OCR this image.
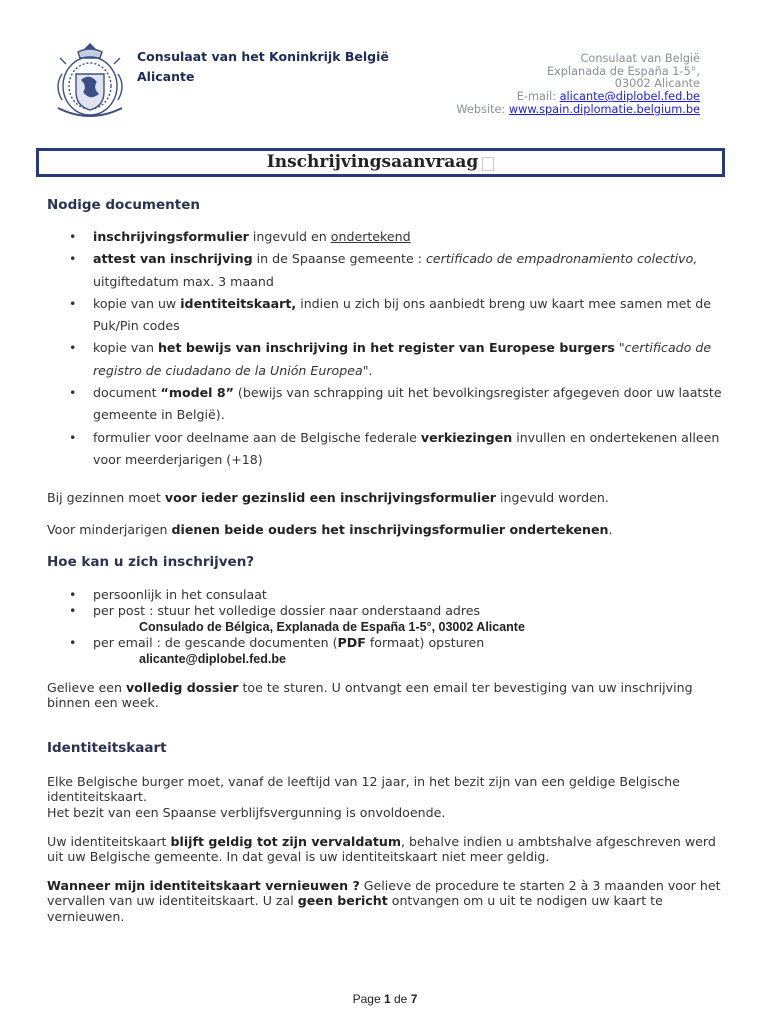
Consulaat van het Koninkrijk België
Alicante
Consulaat van België
Explanada de España 1-5°,
03002 Alicante
E-mail: alicante@diplobel.fed.be
Website: www.spain.diplomatie.belgium.be
Inschrijvingsaanvraag
Nodige documenten
• inschrijvingsformulier ingevuld en ondertekend
• attest van inschrijving in de Spaanse gemeente : certificado de empadronamiento colectivo, uitgiftedatum max. 3 maand
• kopie van uw identiteitskaart, indien u zich bij ons aanbiedt breng uw kaart mee samen met de Puk/Pin codes
• kopie van het bewijs van inschrijving in het register van Europese burgers "certificado de registro de ciudadano de la Unión Europea".
• document “model 8” (bewijs van schrapping uit het bevolkingsregister afgegeven door uw laatste gemeente in België).
• formulier voor deelname aan de Belgische federale verkiezingen invullen en ondertekenen alleen voor meerderjarigen (+18)
Bij gezinnen moet voor ieder gezinslid een inschrijvingsformulier ingevuld worden.
Voor minderjarigen dienen beide ouders het inschrijvingsformulier ondertekenen.
Hoe kan u zich inschrijven?
• persoonlijk in het consulaat
• per post : stuur het volledige dossier naar onderstaand adres
Consulado de Bélgica, Explanada de España 1-5°, 03002 Alicante
• per email : de gescande documenten (PDF formaat) opsturen
alicante@diplobel.fed.be
Gelieve een volledig dossier toe te sturen. U ontvangt een email ter bevestiging van uw inschrijving binnen een week.
Identiteitskaart
Elke Belgische burger moet, vanaf de leeftijd van 12 jaar, in het bezit zijn van een geldige Belgische identiteitskaart.
Het bezit van een Spaanse verblijfsvergunning is onvoldoende.
Uw identiteitskaart blijft geldig tot zijn vervaldatum, behalve indien u ambtshalve afgeschreven werd uit uw Belgische gemeente. In dat geval is uw identiteitskaart niet meer geldig.
Wanneer mijn identiteitskaart vernieuwen ? Gelieve de procedure te starten 2 à 3 maanden voor het vervallen van uw identiteitskaart. U zal geen bericht ontvangen om u uit te nodigen uw kaart te vernieuwen.
Page 1 de 7
